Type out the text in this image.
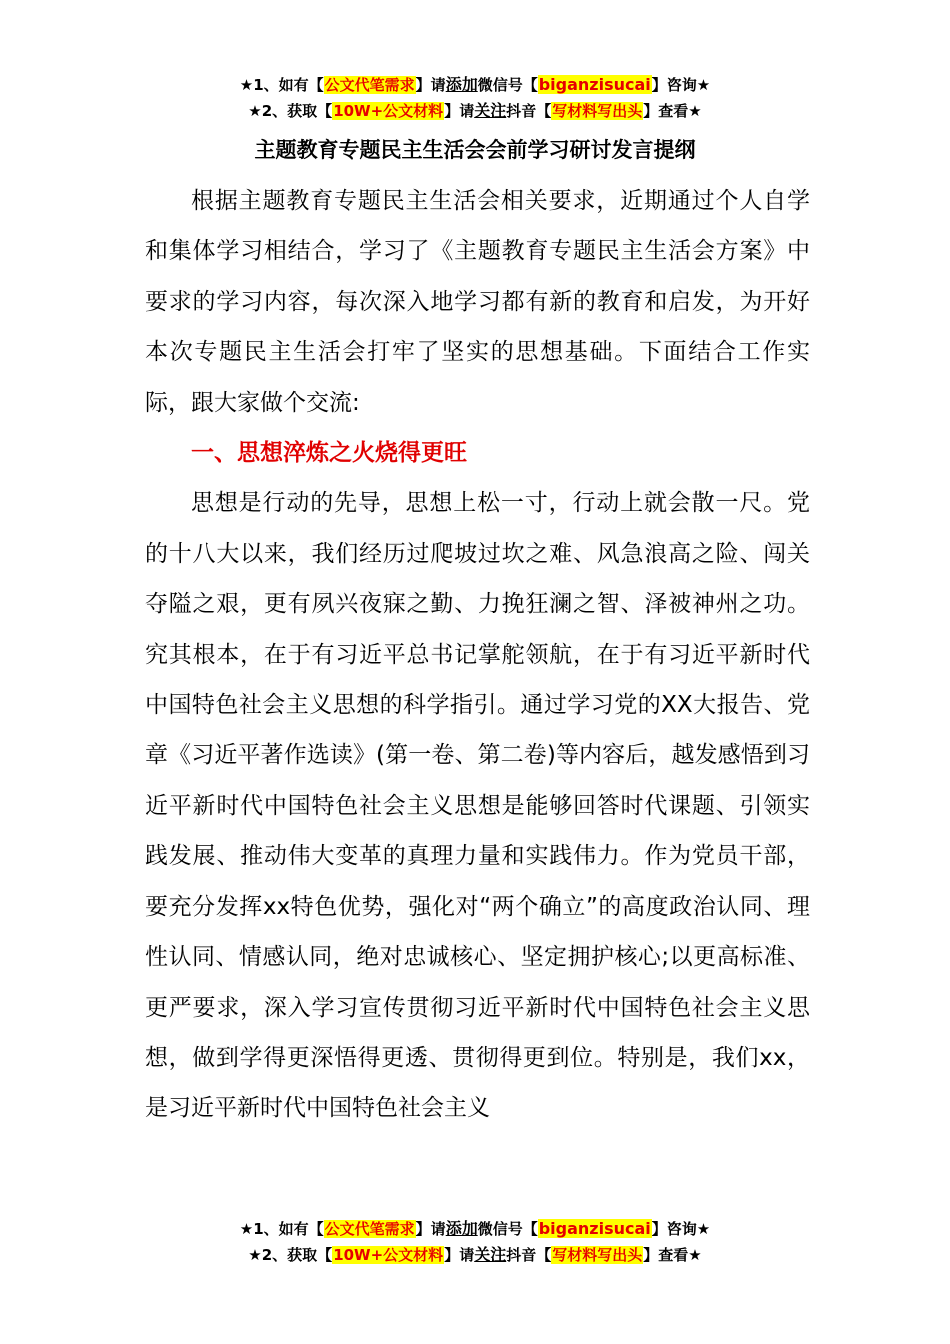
★1、如有【公文代笔需求】请添加微信号【biganzisucai】咨询★
★2、获取【10W+公文材料】请关注抖音【写材料写出头】查看★
主题教育专题民主生活会会前学习研讨发言提纲

根据主题教育专题民主生活会相关要求，近期通过个人自学和集体学习相结合，学习了《主题教育专题民主生活会方案》中要求的学习内容，每次深入地学习都有新的教育和启发，为开好本次专题民主生活会打牢了坚实的思想基础。下面结合工作实际，跟大家做个交流:

一、思想淬炼之火烧得更旺

思想是行动的先导，思想上松一寸，行动上就会散一尺。党的十八大以来，我们经历过爬坡过坎之难、风急浪高之险、闯关夺隘之艰，更有夙兴夜寐之勤、力挽狂澜之智、泽被神州之功。究其根本，在于有习近平总书记掌舵领航，在于有习近平新时代中国特色社会主义思想的科学指引。通过学习党的XX大报告、党章《习近平著作选读》(第一卷、第二卷)等内容后，越发感悟到习近平新时代中国特色社会主义思想是能够回答时代课题、引领实践发展、推动伟大变革的真理力量和实践伟力。作为党员干部，要充分发挥xx特色优势，强化对“两个确立”的高度政治认同、理性认同、情感认同，绝对忠诚核心、坚定拥护核心;以更高标准、更严要求，深入学习宣传贯彻习近平新时代中国特色社会主义思想，做到学得更深悟得更透、贯彻得更到位。特别是，我们xx，是习近平新时代中国特色社会主义

★1、如有【公文代笔需求】请添加微信号【biganzisucai】咨询★
★2、获取【10W+公文材料】请关注抖音【写材料写出头】查看★
